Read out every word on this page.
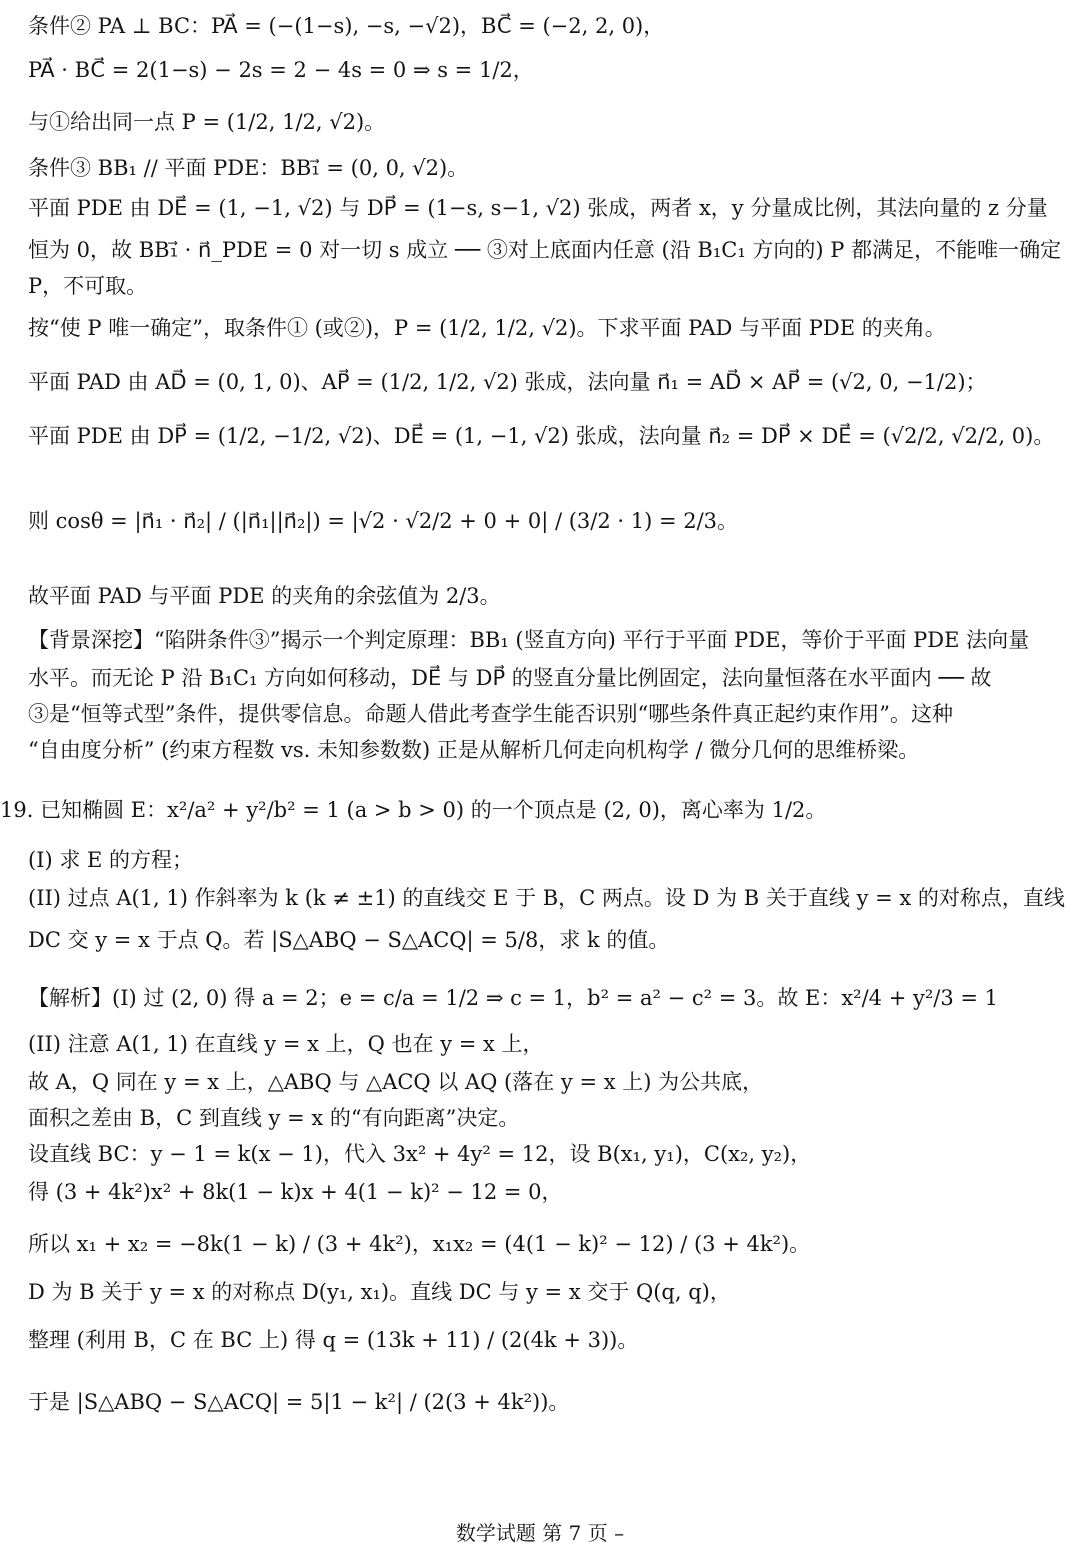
条件② PA ⊥ BC：PA⃗ = (−(1−s), −s, −√2)，BC⃗ = (−2, 2, 0)，
PA⃗ · BC⃗ = 2(1−s) − 2s = 2 − 4s = 0 ⇒ s = 1/2，
与①给出同一点 P = (1/2, 1/2, √2)。
条件③ BB₁ // 平面 PDE：BB₁⃗ = (0, 0, √2)。
平面 PDE 由 DE⃗ = (1, −1, √2) 与 DP⃗ = (1−s, s−1, √2) 张成，两者 x，y 分量成比例，其法向量的 z 分量
恒为 0，故 BB₁⃗ · n⃗_PDE = 0 对一切 s 成立 ── ③对上底面内任意 (沿 B₁C₁ 方向的) P 都满足，不能唯一确定
P，不可取。
按“使 P 唯一确定”，取条件① (或②)，P = (1/2, 1/2, √2)。下求平面 PAD 与平面 PDE 的夹角。
平面 PAD 由 AD⃗ = (0, 1, 0)、AP⃗ = (1/2, 1/2, √2) 张成，法向量 n⃗₁ = AD⃗ × AP⃗ = (√2, 0, −1/2)；
平面 PDE 由 DP⃗ = (1/2, −1/2, √2)、DE⃗ = (1, −1, √2) 张成，法向量 n⃗₂ = DP⃗ × DE⃗ = (√2/2, √2/2, 0)。
则 cosθ = |n⃗₁ · n⃗₂| / (|n⃗₁||n⃗₂|) = |√2 · √2/2 + 0 + 0| / (3/2 · 1) = 2/3。
故平面 PAD 与平面 PDE 的夹角的余弦值为 2/3。
【背景深挖】“陷阱条件③”揭示一个判定原理：BB₁ (竖直方向) 平行于平面 PDE，等价于平面 PDE 法向量
水平。而无论 P 沿 B₁C₁ 方向如何移动，DE⃗ 与 DP⃗ 的竖直分量比例固定，法向量恒落在水平面内 ── 故
③是“恒等式型”条件，提供零信息。命题人借此考查学生能否识别“哪些条件真正起约束作用”。这种
“自由度分析” (约束方程数 vs. 未知参数数) 正是从解析几何走向机构学 / 微分几何的思维桥梁。
19. 已知椭圆 E：x²/a² + y²/b² = 1 (a > b > 0) 的一个顶点是 (2, 0)，离心率为 1/2。
(I) 求 E 的方程；
(II) 过点 A(1, 1) 作斜率为 k (k ≠ ±1) 的直线交 E 于 B，C 两点。设 D 为 B 关于直线 y = x 的对称点，直线
DC 交 y = x 于点 Q。若 |S△ABQ − S△ACQ| = 5/8，求 k 的值。
【解析】(I) 过 (2, 0) 得 a = 2；e = c/a = 1/2 ⇒ c = 1，b² = a² − c² = 3。故 E：x²/4 + y²/3 = 1
(II) 注意 A(1, 1) 在直线 y = x 上，Q 也在 y = x 上，
故 A，Q 同在 y = x 上，△ABQ 与 △ACQ 以 AQ (落在 y = x 上) 为公共底，
面积之差由 B，C 到直线 y = x 的“有向距离”决定。
设直线 BC：y − 1 = k(x − 1)，代入 3x² + 4y² = 12，设 B(x₁, y₁)，C(x₂, y₂)，
得 (3 + 4k²)x² + 8k(1 − k)x + 4(1 − k)² − 12 = 0，
所以 x₁ + x₂ = −8k(1 − k) / (3 + 4k²)，x₁x₂ = (4(1 − k)² − 12) / (3 + 4k²)。
D 为 B 关于 y = x 的对称点 D(y₁, x₁)。直线 DC 与 y = x 交于 Q(q, q)，
整理 (利用 B，C 在 BC 上) 得 q = (13k + 11) / (2(4k + 3))。
于是 |S△ABQ − S△ACQ| = 5|1 − k²| / (2(3 + 4k²))。
数学试题 第 7 页 –
